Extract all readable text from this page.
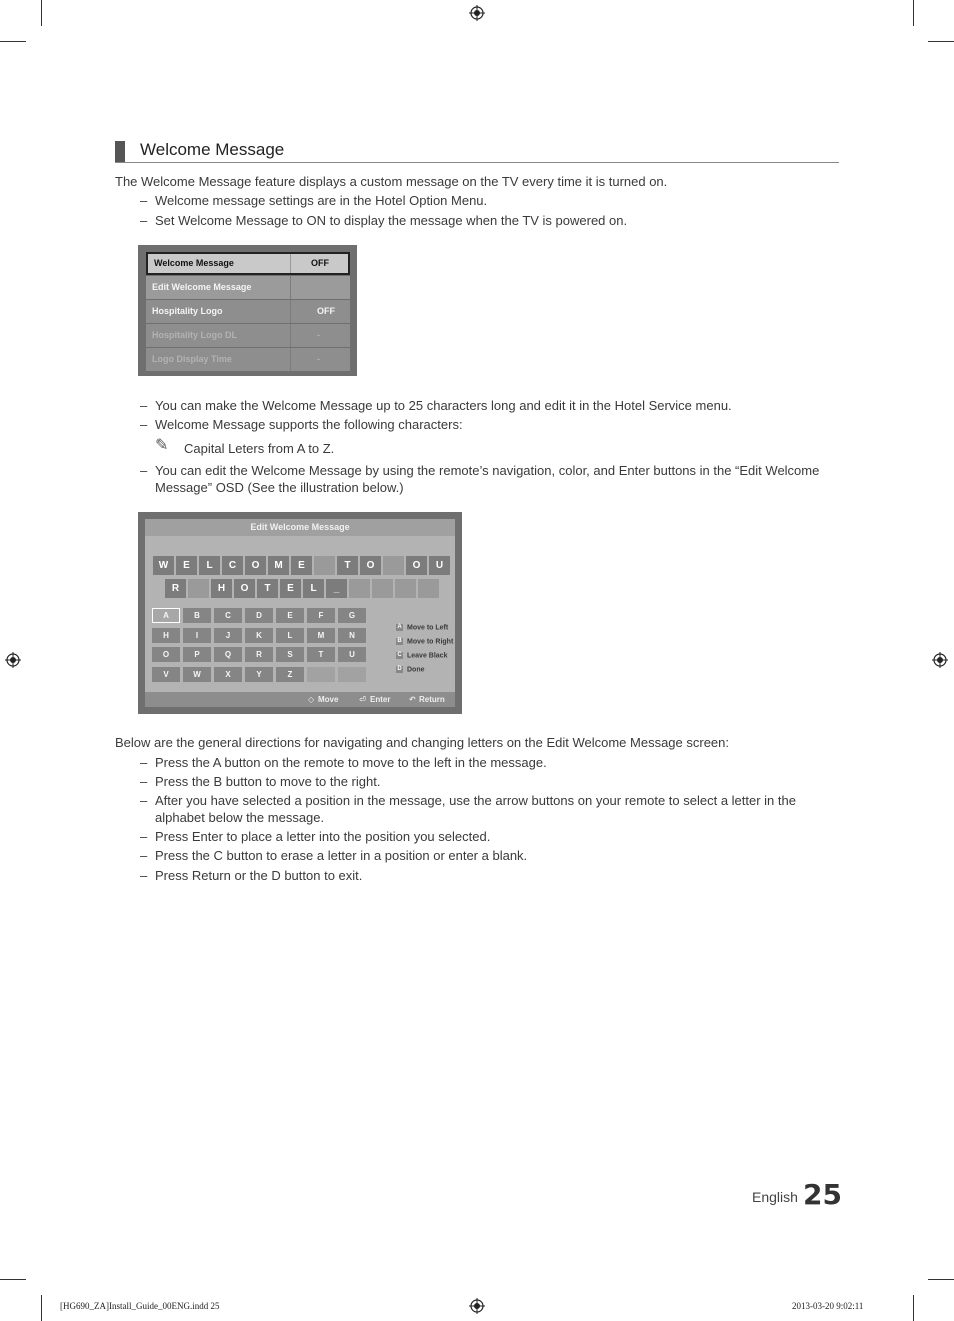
Welcome Message
The Welcome Message feature displays a custom message on the TV every time it is turned on.
– Welcome message settings are in the Hotel Option Menu.
– Set Welcome Message to ON to display the message when the TV is powered on.
Welcome Message	OFF
Edit Welcome Message
Hospitality Logo	OFF
Hospitality Logo DL	-
Logo Display Time	-
– You can make the Welcome Message up to 25 characters long and edit it in the Hotel Service menu.
– Welcome Message supports the following characters:
✎ Capital Leters from A to Z.
– You can edit the Welcome Message by using the remote’s navigation, color, and Enter buttons in the “Edit Welcome Message” OSD (See the illustration below.)
Edit Welcome Message
A Move to Left
B Move to Right
C Leave Black
D Done
◇ Move	⏎ Enter ↶ Return
W	E	L	C	O	M	E	T	O	O	U
R	H	O	T	E	L	_
A	B	C	D	E	F	G
H	I	J	K	L	M	N
O	P	Q	R	S	T	U
V	W	X	Y	Z
Below are the general directions for navigating and changing letters on the Edit Welcome Message screen:
– Press the A button on the remote to move to the left in the message.
– Press the B button to move to the right.
– After you have selected a position in the message, use the arrow buttons on your remote to select a letter in the alphabet below the message.
– Press Enter to place a letter into the position you selected.
– Press the C button to erase a letter in a position or enter a blank.
– Press Return or the D button to exit.
English 25
[HG690_ZA]Install_Guide_00ENG.indd 25	2013-03-20 9:02:11
